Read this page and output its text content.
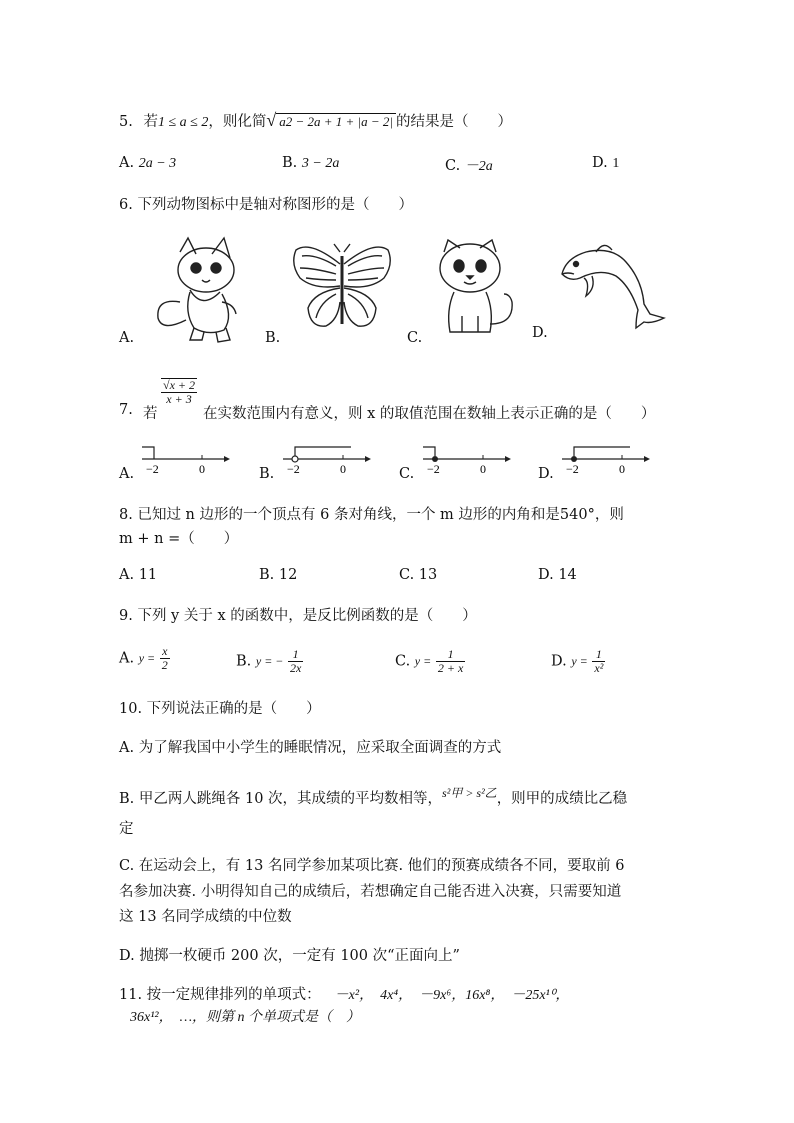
5. 若1 ≤ a ≤ 2，则化简√ a2 − 2a + 1 + |a − 2| 的结果是（　　）
A. 2a − 3	B. 3 − 2a	C. －2a	D. 1
6. 下列动物图标中是轴对称图形的是（　　）
A.	B.	C.	D.
7. 若
$\frac{√x + 2}{x + 3}$
在实数范围内有意义，则 x 的取值范围在数轴上表示正确的是（　　）
A. −2	0	B. −2	0	C. −2	0	D. −2	0
8. 已知过 n 边形的一个顶点有 6 条对角线，一个 m 边形的内角和是540°，则
m + n =（　　）
A. 11	B. 12	C. 13	D. 14
9. 下列 y 关于 x 的函数中，是反比例函数的是（　　）
A. $y = \frac{x}{2}$	B. y = − $\frac{1}{2x}$	C. $y = \frac{1}{2 + x}$	D. $y = \frac{1}{\text{x²}}$
10. 下列说法正确的是（　　）
A. 为了解我国中小学生的睡眠情况，应采取全面调查的方式
B. 甲乙两人跳绳各 10 次，其成绩的平均数相等，$^{s^2甲 > s^2乙}$，则甲的成绩比乙稳
定
C. 在运动会上，有 13 名同学参加某项比赛. 他们的预赛成绩各不同，要取前 6
名参加决赛. 小明得知自己的成绩后，若想确定自己能否进入决赛，只需要知道
这 13 名同学成绩的中位数
D. 抛掷一枚硬币 200 次，一定有 100 次“正面向上”
11. 按一定规律排列的单项式： －x²，　4x⁴，　－9x⁶，16x⁸，　－25x¹⁰，
36x¹²，　…，则第 n 个单项式是（　）
